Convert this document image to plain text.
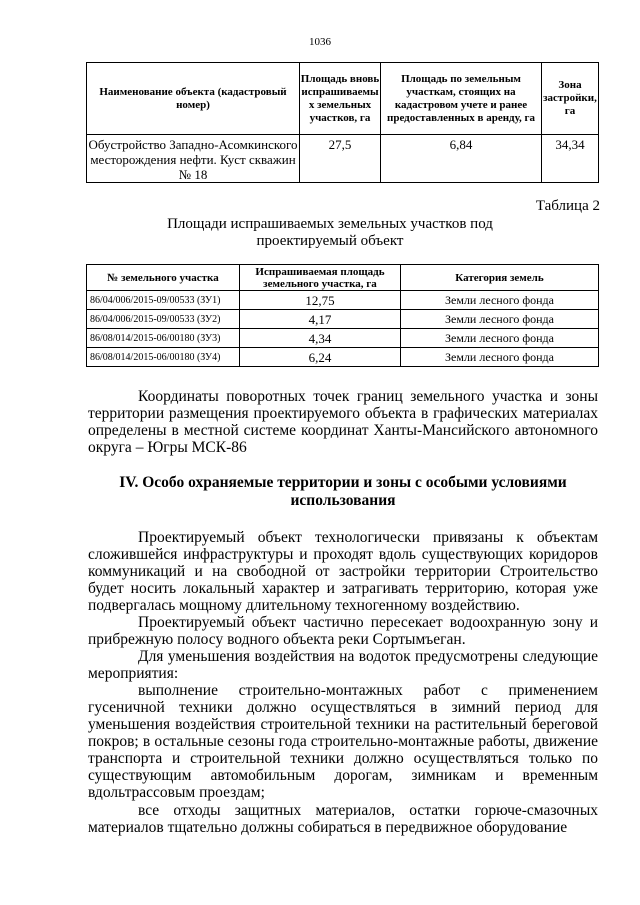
1036
Наименование объекта (кадастровый номер)	Площадь вновь испрашиваемы х земельных участков, га	Площадь по земельным участкам, стоящих на кадастровом учете и ранее предоставленных в аренду, га	Зона застройки, га
Обустройство Западно-Асомкинского месторождения нефти. Куст скважин № 18	27,5	6,84	34,34
Таблица 2
Площади испрашиваемых земельных участков под проектируемый объект
№ земельного участка	Испрашиваемая площадь земельного участка, га	Категория земель
86/04/006/2015-09/00533 (ЗУ1)	12,75	Земли лесного фонда
86/04/006/2015-09/00533 (ЗУ2)	4,17	Земли лесного фонда
86/08/014/2015-06/00180 (ЗУ3)	4,34	Земли лесного фонда
86/08/014/2015-06/00180 (ЗУ4)	6,24	Земли лесного фонда

Координаты поворотных точек границ земельного участка и зоны территории размещения проектируемого объекта в графических материалах определены в местной системе координат Ханты-Мансийского автономного округа – Югры МСК-86

IV. Особо охраняемые территории и зоны с особыми условиями использования

Проектируемый объект технологически привязаны к объектам сложившейся инфраструктуры и проходят вдоль существующих коридоров коммуникаций и на свободной от застройки территории Строительство будет носить локальный характер и затрагивать территорию, которая уже подвергалась мощному длительному техногенному воздействию.

Проектируемый объект частично пересекает водоохранную зону и прибрежную полосу водного объекта реки Сортымъеган.

Для уменьшения воздействия на водоток предусмотрены следующие мероприятия:

выполнение строительно-монтажных работ с применением гусеничной техники должно осуществляться в зимний период для уменьшения воздействия строительной техники на растительный береговой покров; в остальные сезоны года строительно-монтажные работы, движение транспорта и строительной техники должно осуществляться только по существующим автомобильным дорогам, зимникам и временным вдольтрассовым проездам;

все отходы защитных материалов, остатки горюче-смазочных материалов тщательно должны собираться в передвижное оборудование
